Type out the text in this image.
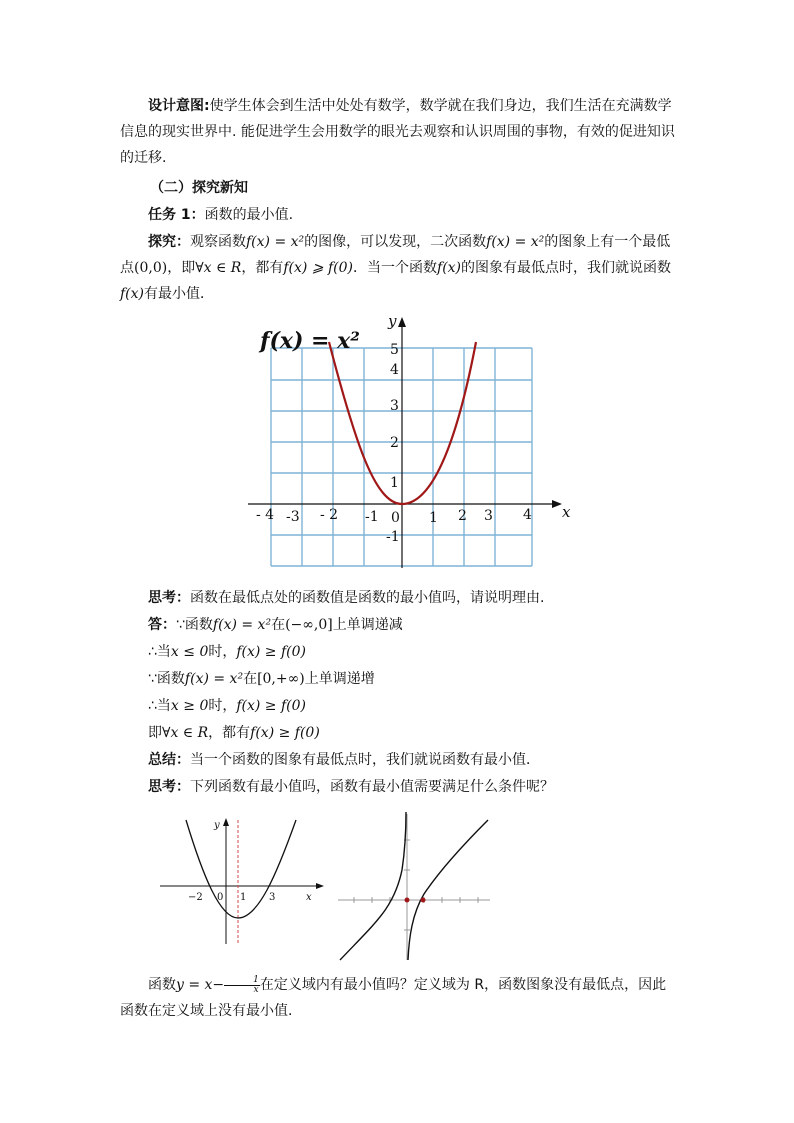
设计意图:使学生体会到生活中处处有数学，数学就在我们身边，我们生活在充满数学信息的现实世界中. 能促进学生会用数学的眼光去观察和认识周围的事物，有效的促进知识的迁移.

（二）探究新知

任务 1：函数的最小值.

探究：观察函数f(x) = x²的图像，可以发现，二次函数f(x) = x²的图象上有一个最低点(0,0)，即∀x ∈ R，都有f(x) ⩾ f(0)．当一个函数f(x)的图象有最低点时，我们就说函数f(x)有最小值．

f(x) = x²
y
x
- 4 -3 - 2 -1 0 1 2 3 4
5
4
3
2
1
-1

思考：函数在最低点处的函数值是函数的最小值吗，请说明理由.

答：∵函数f(x) = x²在(−∞,0]上单调递减

∴当x ≤ 0时，f(x) ≥ f(0)

∵函数f(x) = x²在[0,+∞)上单调递增

∴当x ≥ 0时，f(x) ≥ f(0)

即∀x ∈ R，都有f(x) ≥ f(0)

总结：当一个函数的图象有最低点时，我们就说函数有最小值．

思考：下列函数有最小值吗，函数有最小值需要满足什么条件呢？

y
x
−2 0 1 3

函数$y = x- \frac{1}{x}$ 在定义域内有最小值吗？定义域为 R，函数图象没有最低点，因此函数在定义域上没有最小值.
